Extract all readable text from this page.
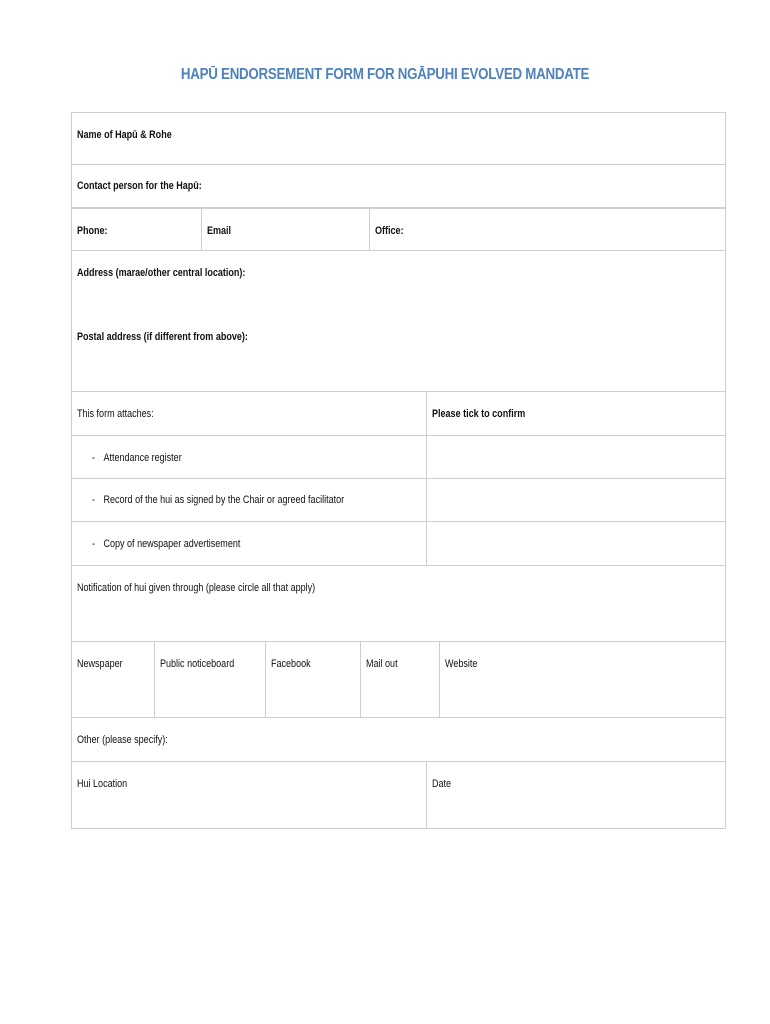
HAPŪ ENDORSEMENT FORM FOR NGĀPUHI EVOLVED MANDATE
Name of Hapū & Rohe
Contact person for the Hapū:
Phone:	Email	Office:
Address (marae/other central location):
Postal address (if different from above):
This form attaches:	Please tick to confirm
- Attendance register
- Record of the hui as signed by the Chair or agreed facilitator
- Copy of newspaper advertisement
Notification of hui given through (please circle all that apply)
Newspaper	Public noticeboard	Facebook	Mail out	Website
Other (please specify):
Hui Location	Date
